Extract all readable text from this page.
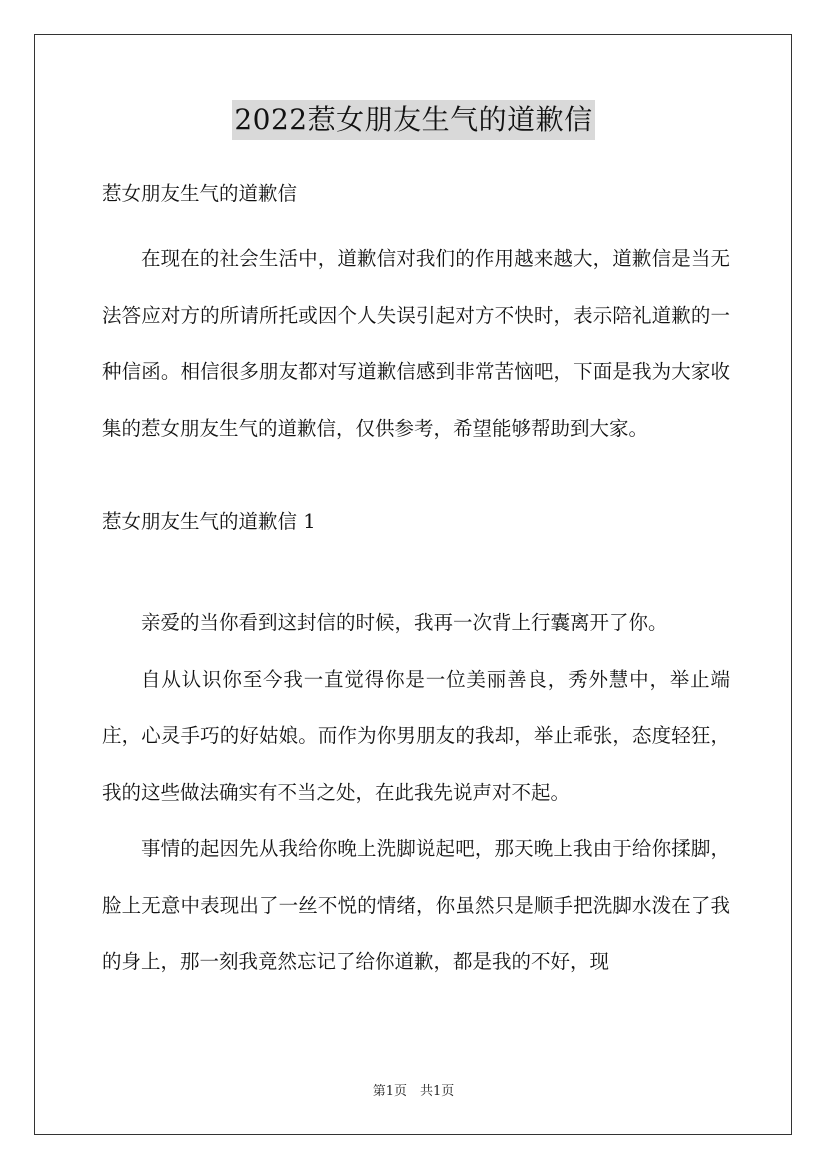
2022惹女朋友生气的道歉信

惹女朋友生气的道歉信

在现在的社会生活中，道歉信对我们的作用越来越大，道歉信是当无法答应对方的所请所托或因个人失误引起对方不快时，表示陪礼道歉的一种信函。相信很多朋友都对写道歉信感到非常苦恼吧，下面是我为大家收集的惹女朋友生气的道歉信，仅供参考，希望能够帮助到大家。

惹女朋友生气的道歉信 1

亲爱的当你看到这封信的时候，我再一次背上行囊离开了你。

自从认识你至今我一直觉得你是一位美丽善良，秀外慧中，举止端庄，心灵手巧的好姑娘。而作为你男朋友的我却，举止乖张，态度轻狂，我的这些做法确实有不当之处，在此我先说声对不起。

事情的起因先从我给你晚上洗脚说起吧，那天晚上我由于给你揉脚，脸上无意中表现出了一丝不悦的情绪，你虽然只是顺手把洗脚水泼在了我的身上，那一刻我竟然忘记了给你道歉，都是我的不好，现

第1页　共1页
